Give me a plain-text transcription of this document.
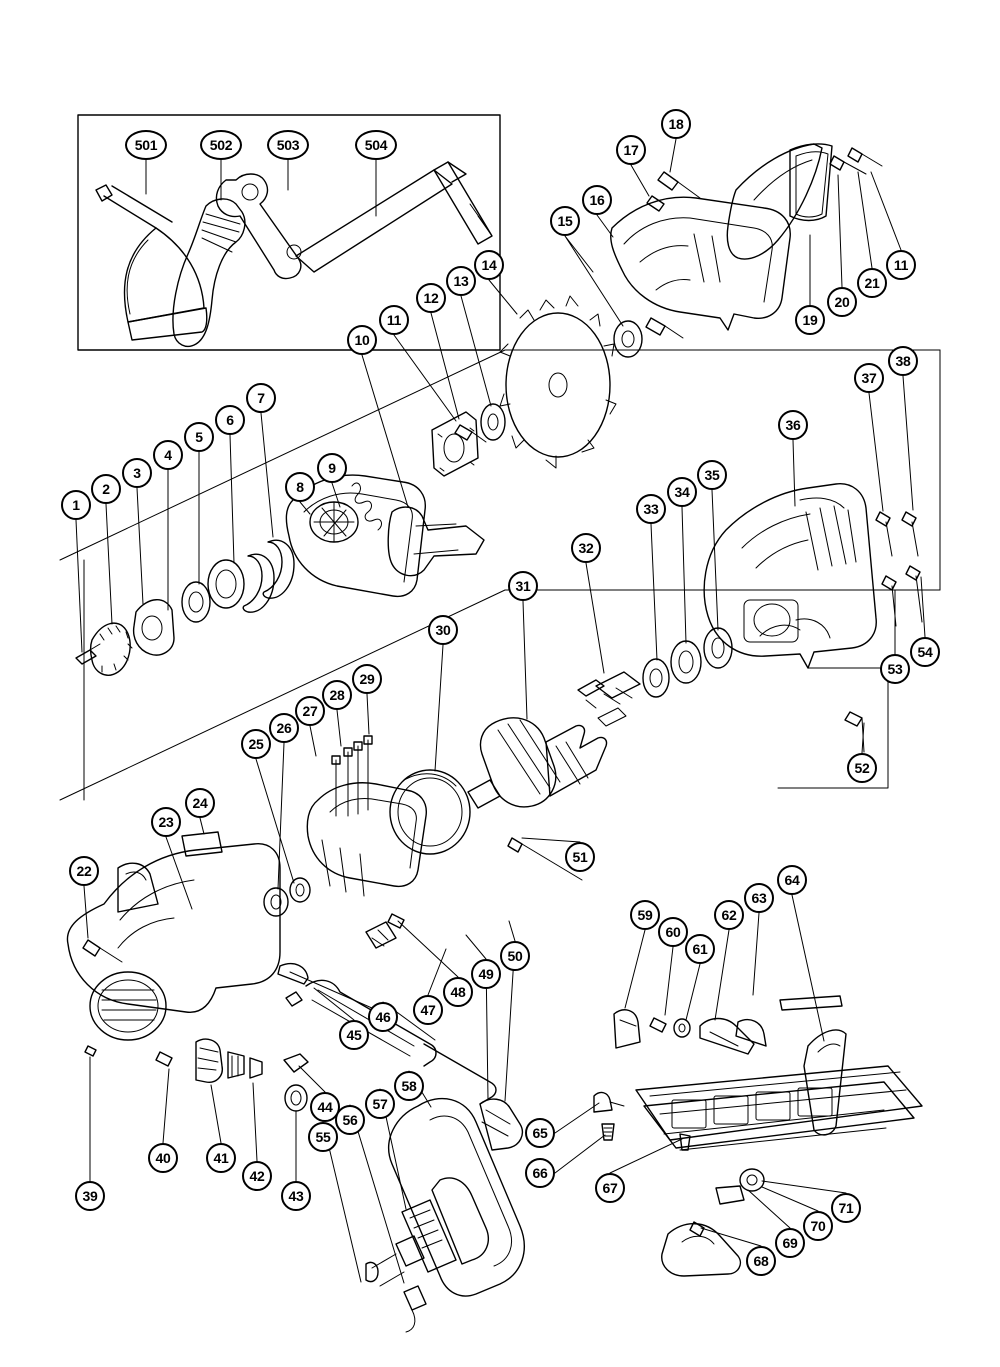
501	502	503	504
1
2
3
4
5
6
7
8
9
10
11
12
13
14
15
16
17
18
19
20
21
11
36
37
38
33
34
35
32
31
30
29
28
27
26
25
24
23
22
53
54
52
51
50
49
48
47
46
45
44
43
42
41
40
39
55
56
57
58
59
60
61
62
63
64
65
66
67
68
69
70
71
